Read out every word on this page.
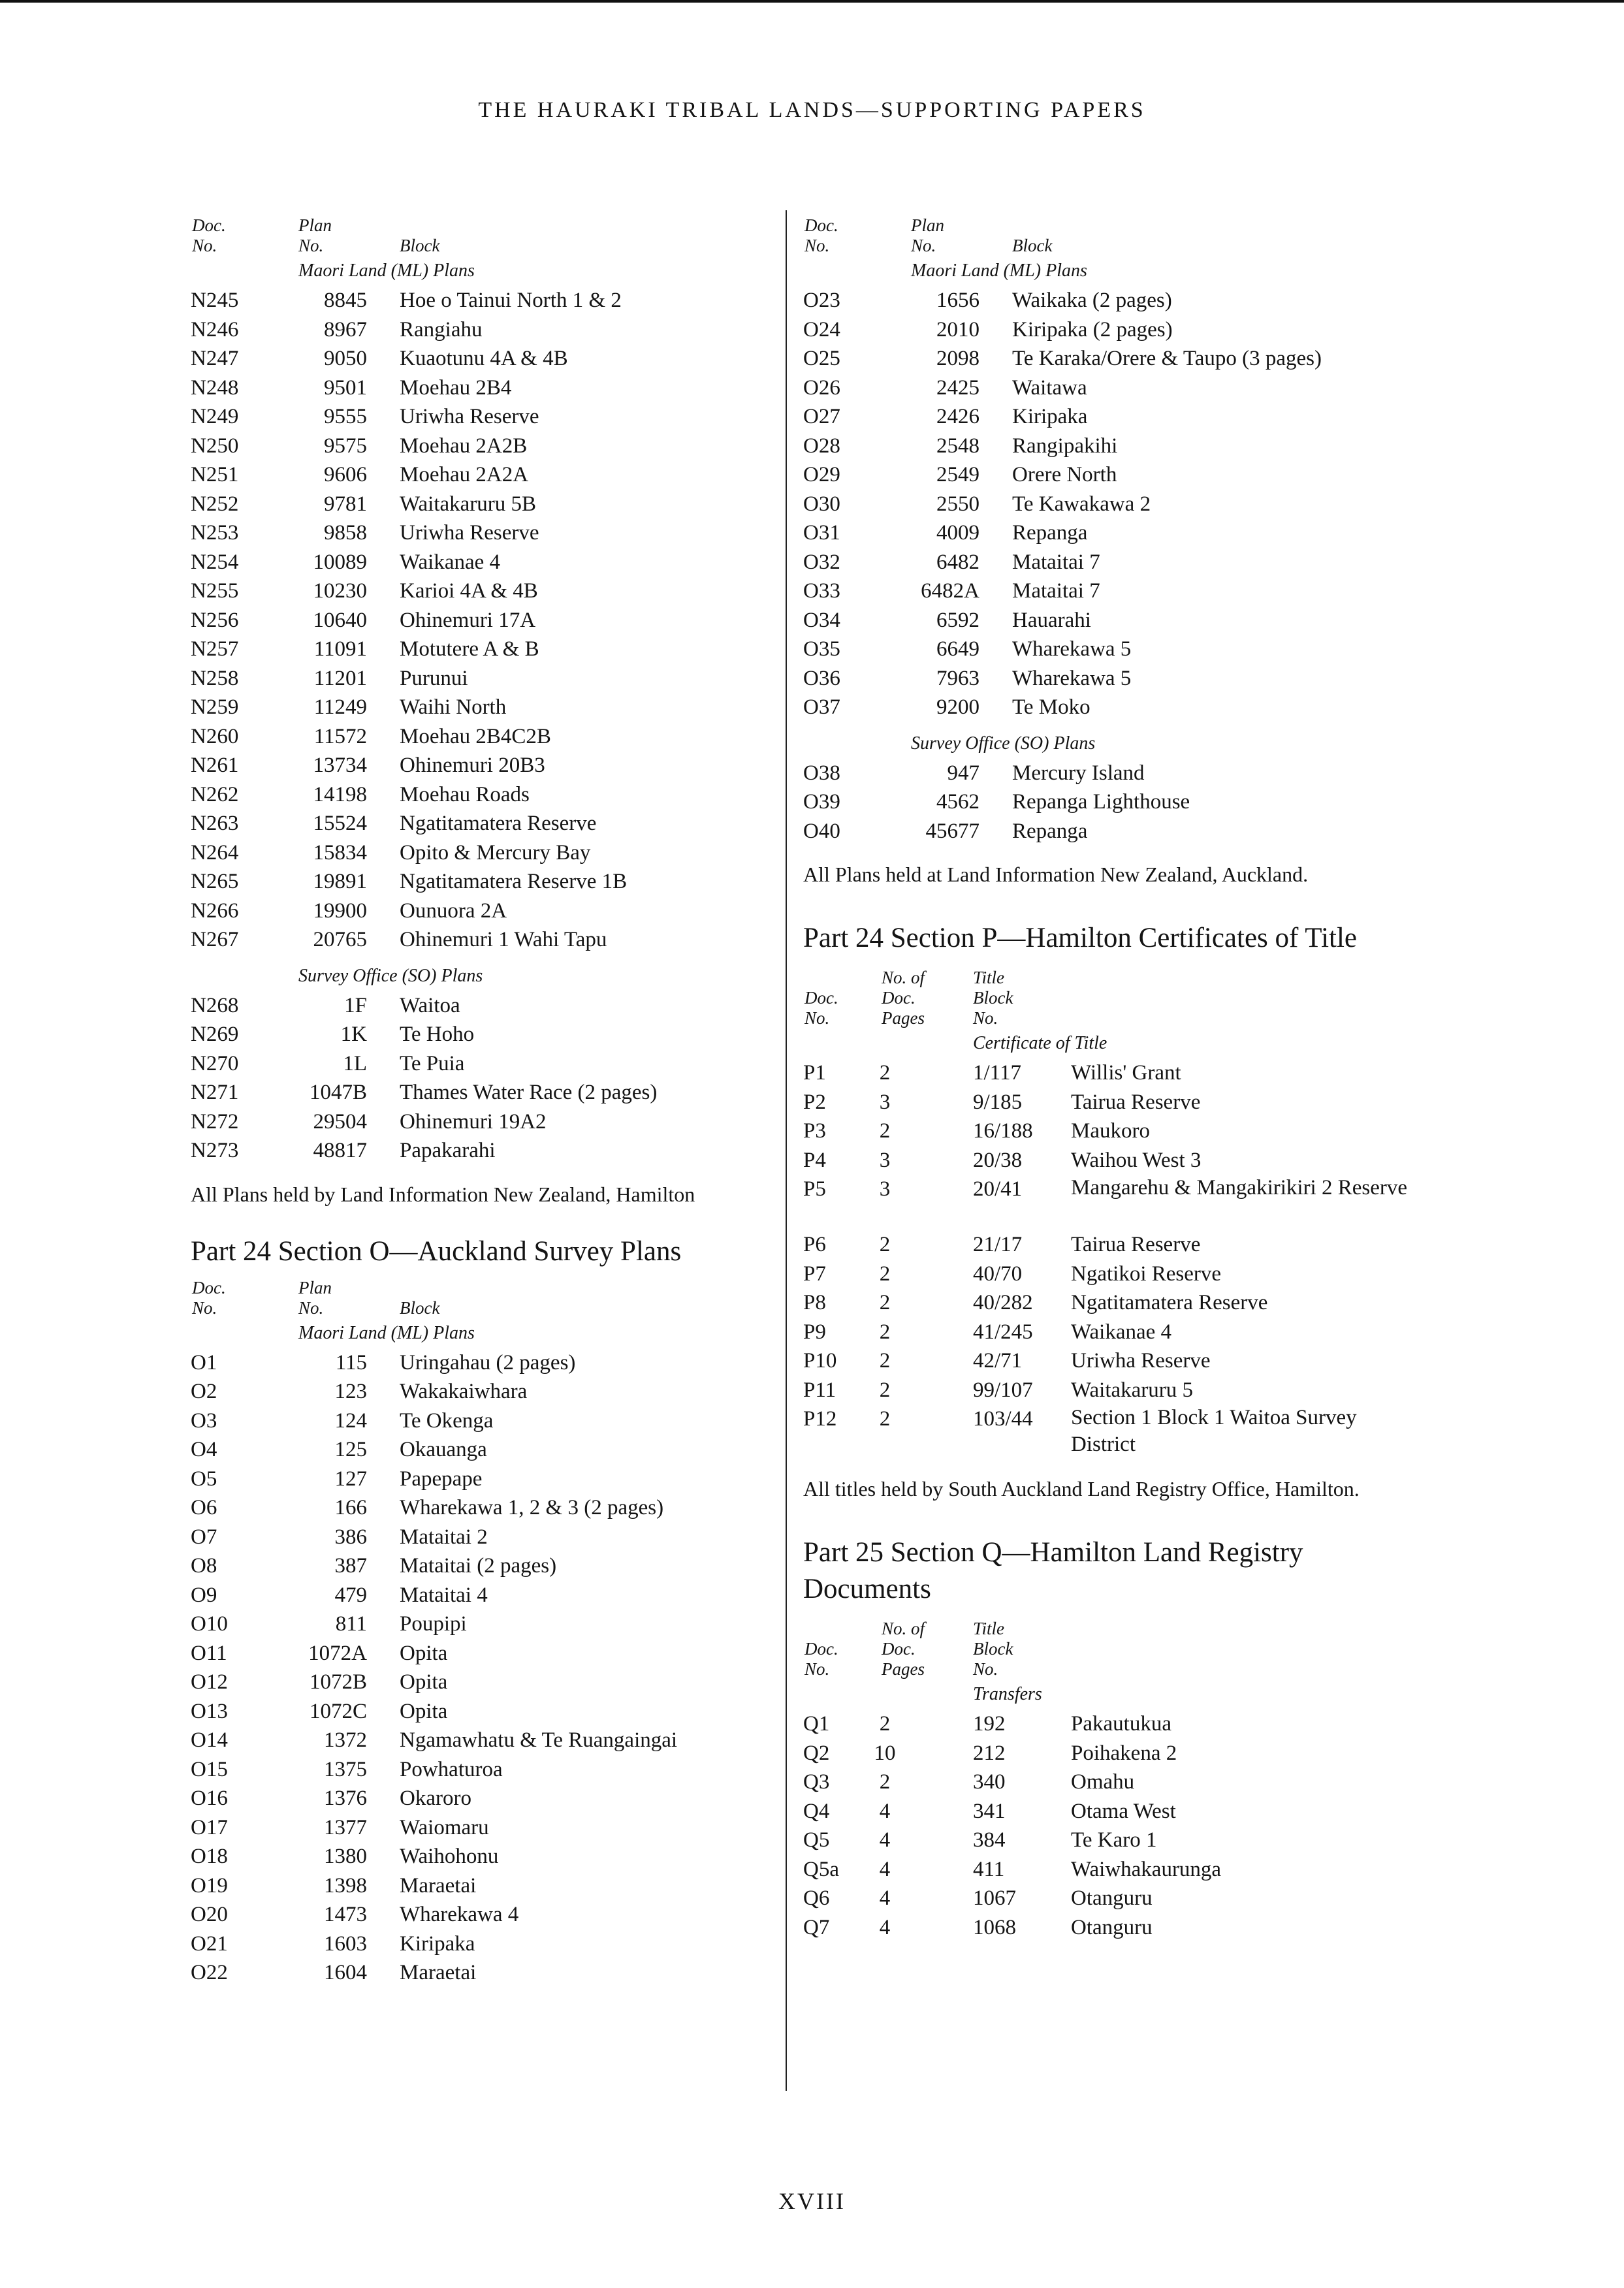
THE HAURAKI TRIBAL LANDS—SUPPORTING PAPERS
Doc.
No.
Plan
No.	Block
Maori Land (ML) Plans
N245	8845 Hoe o Tainui North 1 & 2
N246	8967 Rangiahu
N247	9050 Kuaotunu 4A & 4B
N248	9501 Moehau 2B4
N249	9555 Uriwha Reserve
N250	9575 Moehau 2A2B
N251	9606 Moehau 2A2A
N252	9781 Waitakaruru 5B
N253	9858 Uriwha Reserve
N254	10089 Waikanae 4
N255	10230 Karioi 4A & 4B
N256	10640 Ohinemuri 17A
N257	11091 Motutere A & B
N258	11201 Purunui
N259	11249 Waihi North
N260	11572 Moehau 2B4C2B
N261	13734 Ohinemuri 20B3
N262	14198 Moehau Roads
N263	15524 Ngatitamatera Reserve
N264	15834 Opito & Mercury Bay
N265	19891 Ngatitamatera Reserve 1B
N266	19900 Ounuora 2A
N267	20765 Ohinemuri 1 Wahi Tapu
Survey Office (SO) Plans
N268	1F Waitoa
N269	1K Te Hoho
N270	1L Te Puia
N271	1047B Thames Water Race (2 pages)
N272	29504 Ohinemuri 19A2
N273	48817 Papakarahi
All Plans held by Land Information New Zealand, Hamilton
Part 24 Section O—Auckland Survey Plans
Doc.
No.
Plan
No.	Block
Maori Land (ML) Plans
O1	115 Uringahau (2 pages)
O2	123 Wakakaiwhara
O3	124 Te Okenga
O4	125 Okauanga
O5	127 Papepape
O6	166 Wharekawa 1, 2 & 3 (2 pages)
O7	386 Mataitai 2
O8	387 Mataitai (2 pages)
O9	479 Mataitai 4
O10	811 Poupipi
O11	1072A Opita
O12	1072B Opita
O13	1072C Opita
O14	1372 Ngamawhatu & Te Ruangaingai
O15	1375 Powhaturoa
O16	1376 Okaroro
O17	1377 Waiomaru
O18	1380 Waihohonu
O19	1398 Maraetai
O20	1473 Wharekawa 4
O21	1603 Kiripaka
O22	1604 Maraetai
Doc.
No.
Plan
No.	Block
Maori Land (ML) Plans
O23	1656 Waikaka (2 pages)
O24	2010 Kiripaka (2 pages)
O25	2098 Te Karaka/Orere & Taupo (3 pages)
O26	2425 Waitawa
O27	2426 Kiripaka
O28	2548 Rangipakihi
O29	2549 Orere North
O30	2550 Te Kawakawa 2
O31	4009 Repanga
O32	6482 Mataitai 7
O33	6482A Mataitai 7
O34	6592 Hauarahi
O35	6649 Wharekawa 5
O36	7963 Wharekawa 5
O37	9200 Te Moko
Survey Office (SO) Plans
O38	947 Mercury Island
O39	4562 Repanga Lighthouse
O40	45677 Repanga
All Plans held at Land Information New Zealand, Auckland.
Part 24 Section P—Hamilton Certificates of Title
Doc.
No.
No. of
Doc.
Pages
Title
Block
No.
Certificate of Title
P1	2	1/117 Willis' Grant
P2	3	9/185 Tairua Reserve
P3	2	16/188 Maukoro
P4	3	20/38 Waihou West 3
P5	3	20/41 Mangarehu & Mangakirikiri 2 Reserve
P6	2	21/17 Tairua Reserve
P7	2	40/70 Ngatikoi Reserve
P8	2	40/282 Ngatitamatera Reserve
P9	2	41/245 Waikanae 4
P10	2	42/71 Uriwha Reserve
P11	2	99/107 Waitakaruru 5
P12	2	103/44 Section 1 Block 1 Waitoa Survey District
All titles held by South Auckland Land Registry Office, Hamilton.
Part 25 Section Q—Hamilton Land Registry Documents
Doc.
No.
No. of
Doc.
Pages
Title
Block
No.
Transfers
Q1	2	192	Pakautukua
Q2	10	212	Poihakena 2
Q3	2	340	Omahu
Q4	4	341	Otama West
Q5	4	384	Te Karo 1
Q5a	4	411	Waiwhakaurunga
Q6	4	1067	Otanguru
Q7	4	1068	Otanguru
XVIII
